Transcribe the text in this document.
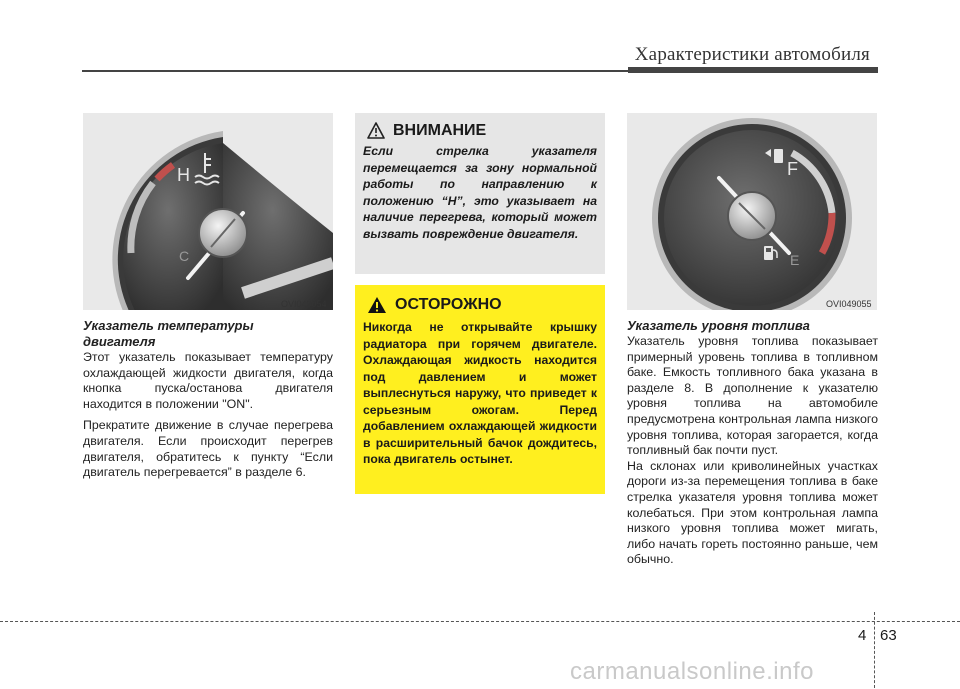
Характеристики автомобиля
H
C
OVI049054
Указатель температуры двигателя

Этот указатель показывает температуру охлаждающей жидкости двигателя, когда кнопка пуска/останова двигателя находится в положении "ON".

Прекратите движение в случае перегрева двигателя. Если происходит перегрев двигателя, обратитесь к пункту “Если двигатель перегревается” в разделе 6.

ВНИМАНИЕ
Если стрелка указателя перемещается за зону нормальной работы по направлению к положению “H”, это указывает на наличие перегрева, который может вызвать повреждение двигателя.
ОСТОРОЖНО
Никогда не открывайте крышку радиатора при горячем двигателе. Охлаждающая жидкость находится под давлением и может выплеснуться наружу, что приведет к серьезным ожогам. Перед добавлением охлаждающей жидкости в расширительный бачок дождитесь, пока двигатель остынет.
F
E
OVI049055
Указатель уровня топлива

Указатель уровня топлива показывает примерный уровень топлива в топливном баке. Емкость топливного бака указана в разделе 8. В дополнение к указателю уровня топлива на автомобиле предусмотрена контрольная лампа низкого уровня топлива, которая загорается, когда топливный бак почти пуст.

На склонах или криволинейных участках дороги из-за перемещения топлива в баке стрелка указателя уровня топлива может колебаться. При этом контрольная лампа низкого уровня топлива может мигать, либо начать гореть постоянно раньше, чем обычно.

4 63
carmanualsonline.info
